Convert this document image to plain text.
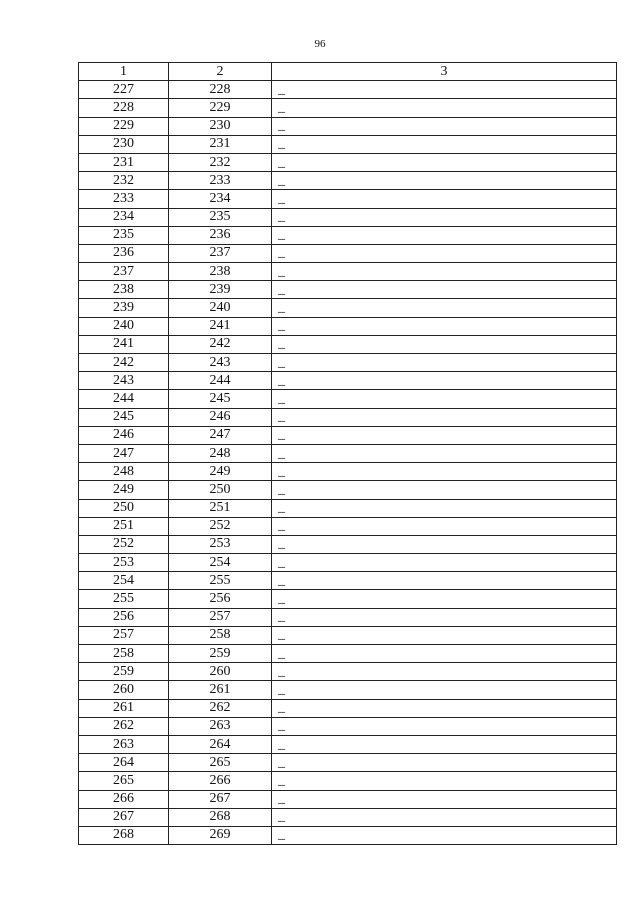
96
1	2	3
227	228	_
228	229	_
229	230	_
230	231	_
231	232	_
232	233	_
233	234	_
234	235	_
235	236	_
236	237	_
237	238	_
238	239	_
239	240	_
240	241	_
241	242	_
242	243	_
243	244	_
244	245	_
245	246	_
246	247	_
247	248	_
248	249	_
249	250	_
250	251	_
251	252	_
252	253	_
253	254	_
254	255	_
255	256	_
256	257	_
257	258	_
258	259	_
259	260	_
260	261	_
261	262	_
262	263	_
263	264	_
264	265	_
265	266	_
266	267	_
267	268	_
268	269	_
